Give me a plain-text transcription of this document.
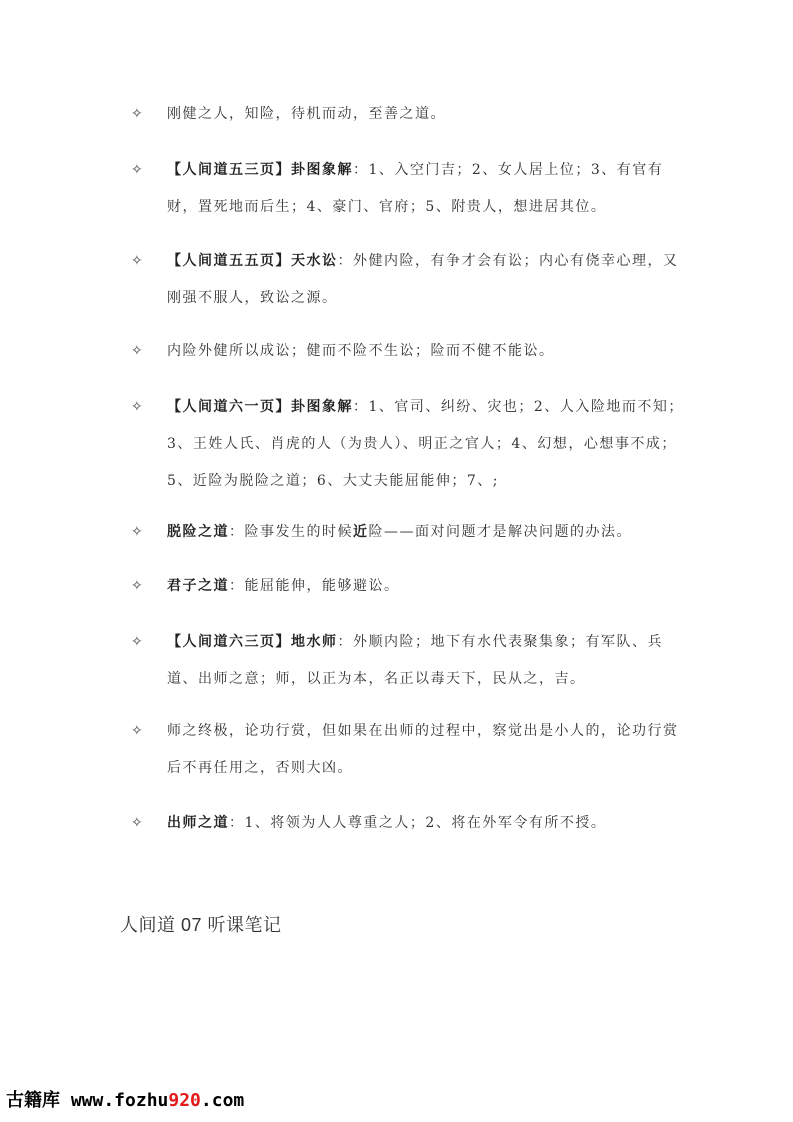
✧	刚健之人，知险，待机而动，至善之道。
✧	【人间道五三页】卦图象解：1、入空门吉；2、女人居上位；3、有官有财，置死地而后生；4、豪门、官府；5、附贵人，想进居其位。
✧	【人间道五五页】天水讼：外健内险，有争才会有讼；内心有侥幸心理，又刚强不服人，致讼之源。
✧	内险外健所以成讼；健而不险不生讼；险而不健不能讼。
✧	【人间道六一页】卦图象解：1、官司、纠纷、灾也；2、人入险地而不知；3、王姓人氏、肖虎的人（为贵人）、明正之官人；4、幻想，心想事不成；5、近险为脱险之道；6、大丈夫能屈能伸；7、;
✧	脱险之道：险事发生的时候近险——面对问题才是解决问题的办法。
✧	君子之道：能屈能伸，能够避讼。
✧	【人间道六三页】地水师：外顺内险；地下有水代表聚集象；有军队、兵道、出师之意；师，以正为本，名正以毒天下，民从之，吉。
✧	师之终极，论功行赏，但如果在出师的过程中，察觉出是小人的，论功行赏后不再任用之，否则大凶。
✧	出师之道：1、将领为人人尊重之人；2、将在外军令有所不授。
人间道 07 听课笔记
古籍库 www.fozhu920.com
